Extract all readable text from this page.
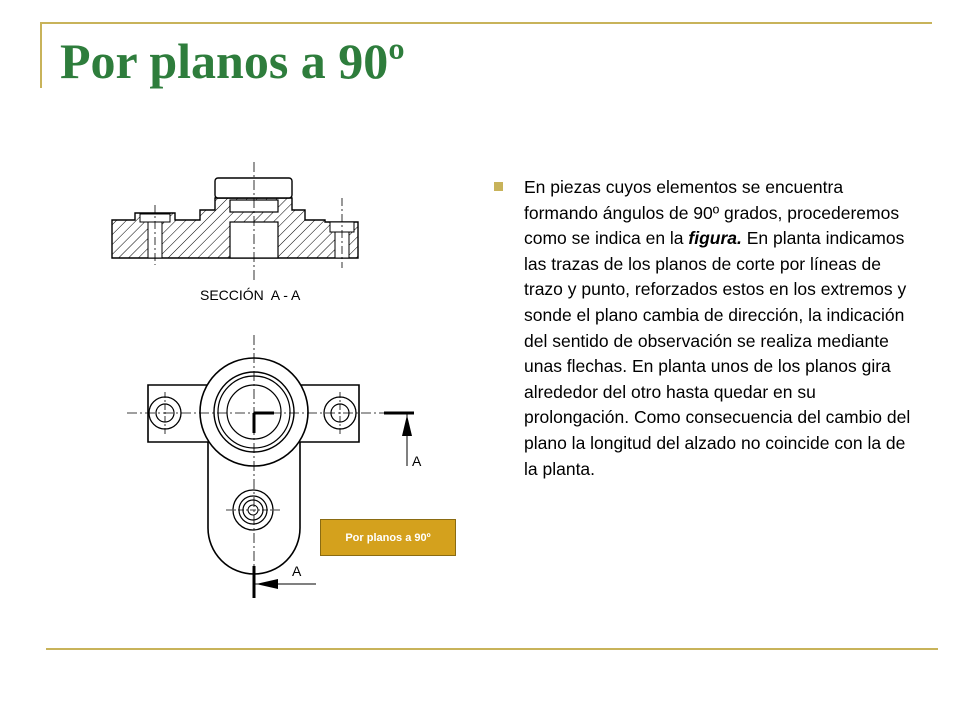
Por planos a 90º
SECCIÓN  A - A
A
A
Por planos a 90º

En piezas cuyos elementos se encuentra formando ángulos de 90º grados, procederemos como se indica en la figura. En planta indicamos las trazas de los planos de corte por líneas de trazo y punto, reforzados estos en los extremos y sonde el plano cambia de dirección, la indicación del sentido de observación se realiza mediante unas flechas. En planta unos de los planos gira alrededor del otro hasta quedar en su prolongación. Como consecuencia del cambio del plano la longitud del alzado no coincide con la de la planta.
